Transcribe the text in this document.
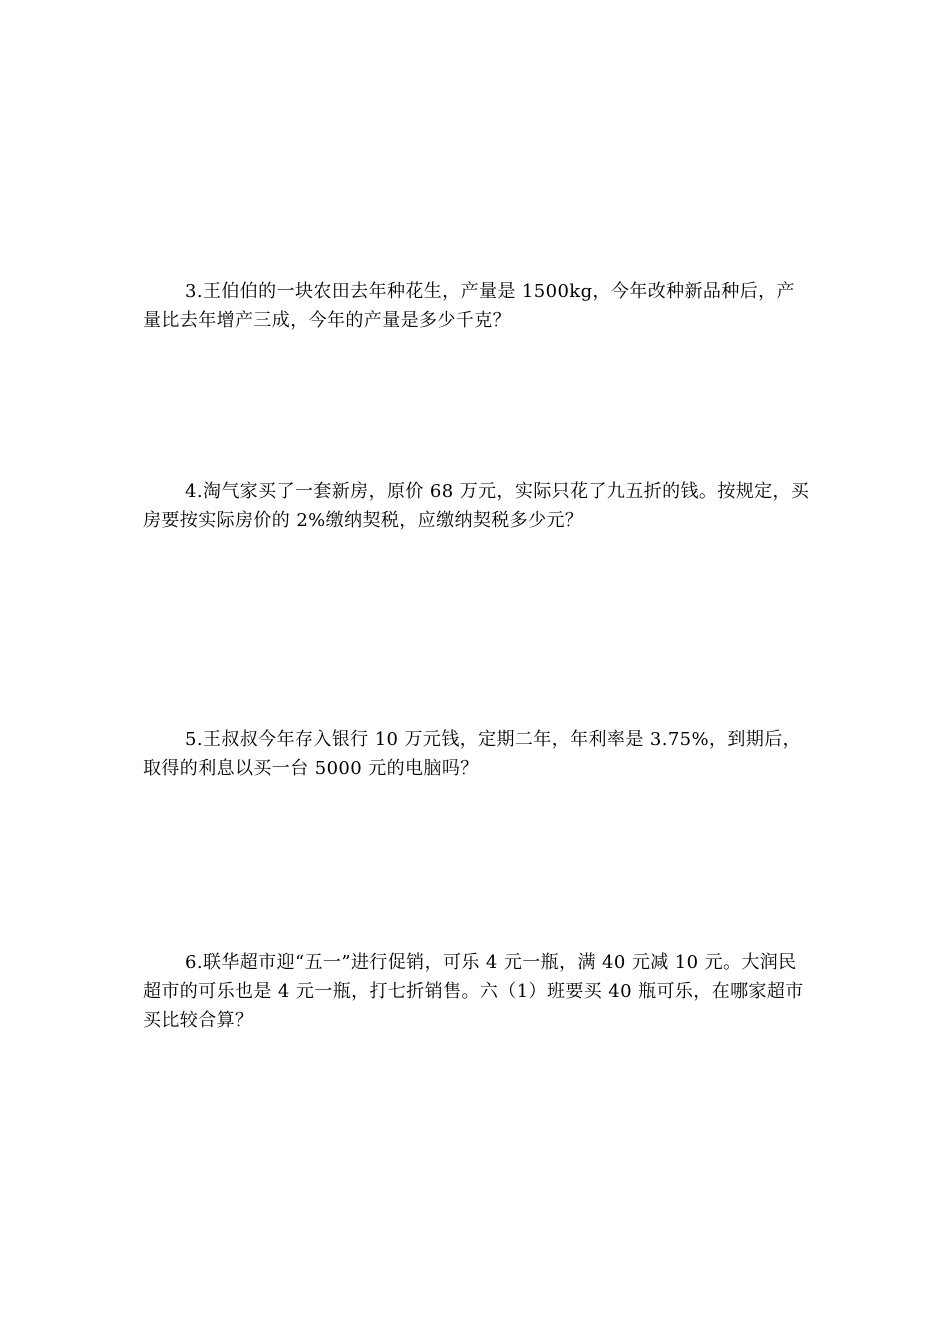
3.王伯伯的一块农田去年种花生，产量是 1500kg，今年改种新品种后，产量比去年增产三成，今年的产量是多少千克？

4.淘气家买了一套新房，原价 68 万元，实际只花了九五折的钱。按规定，买房要按实际房价的 2%缴纳契税，应缴纳契税多少元？

5.王叔叔今年存入银行 10 万元钱，定期二年，年利率是 3.75%，到期后，取得的利息以买一台 5000 元的电脑吗？

6.联华超市迎“五一”进行促销，可乐 4 元一瓶，满 40 元减 10 元。大润民超市的可乐也是 4 元一瓶，打七折销售。六（1）班要买 40 瓶可乐，在哪家超市买比较合算？
